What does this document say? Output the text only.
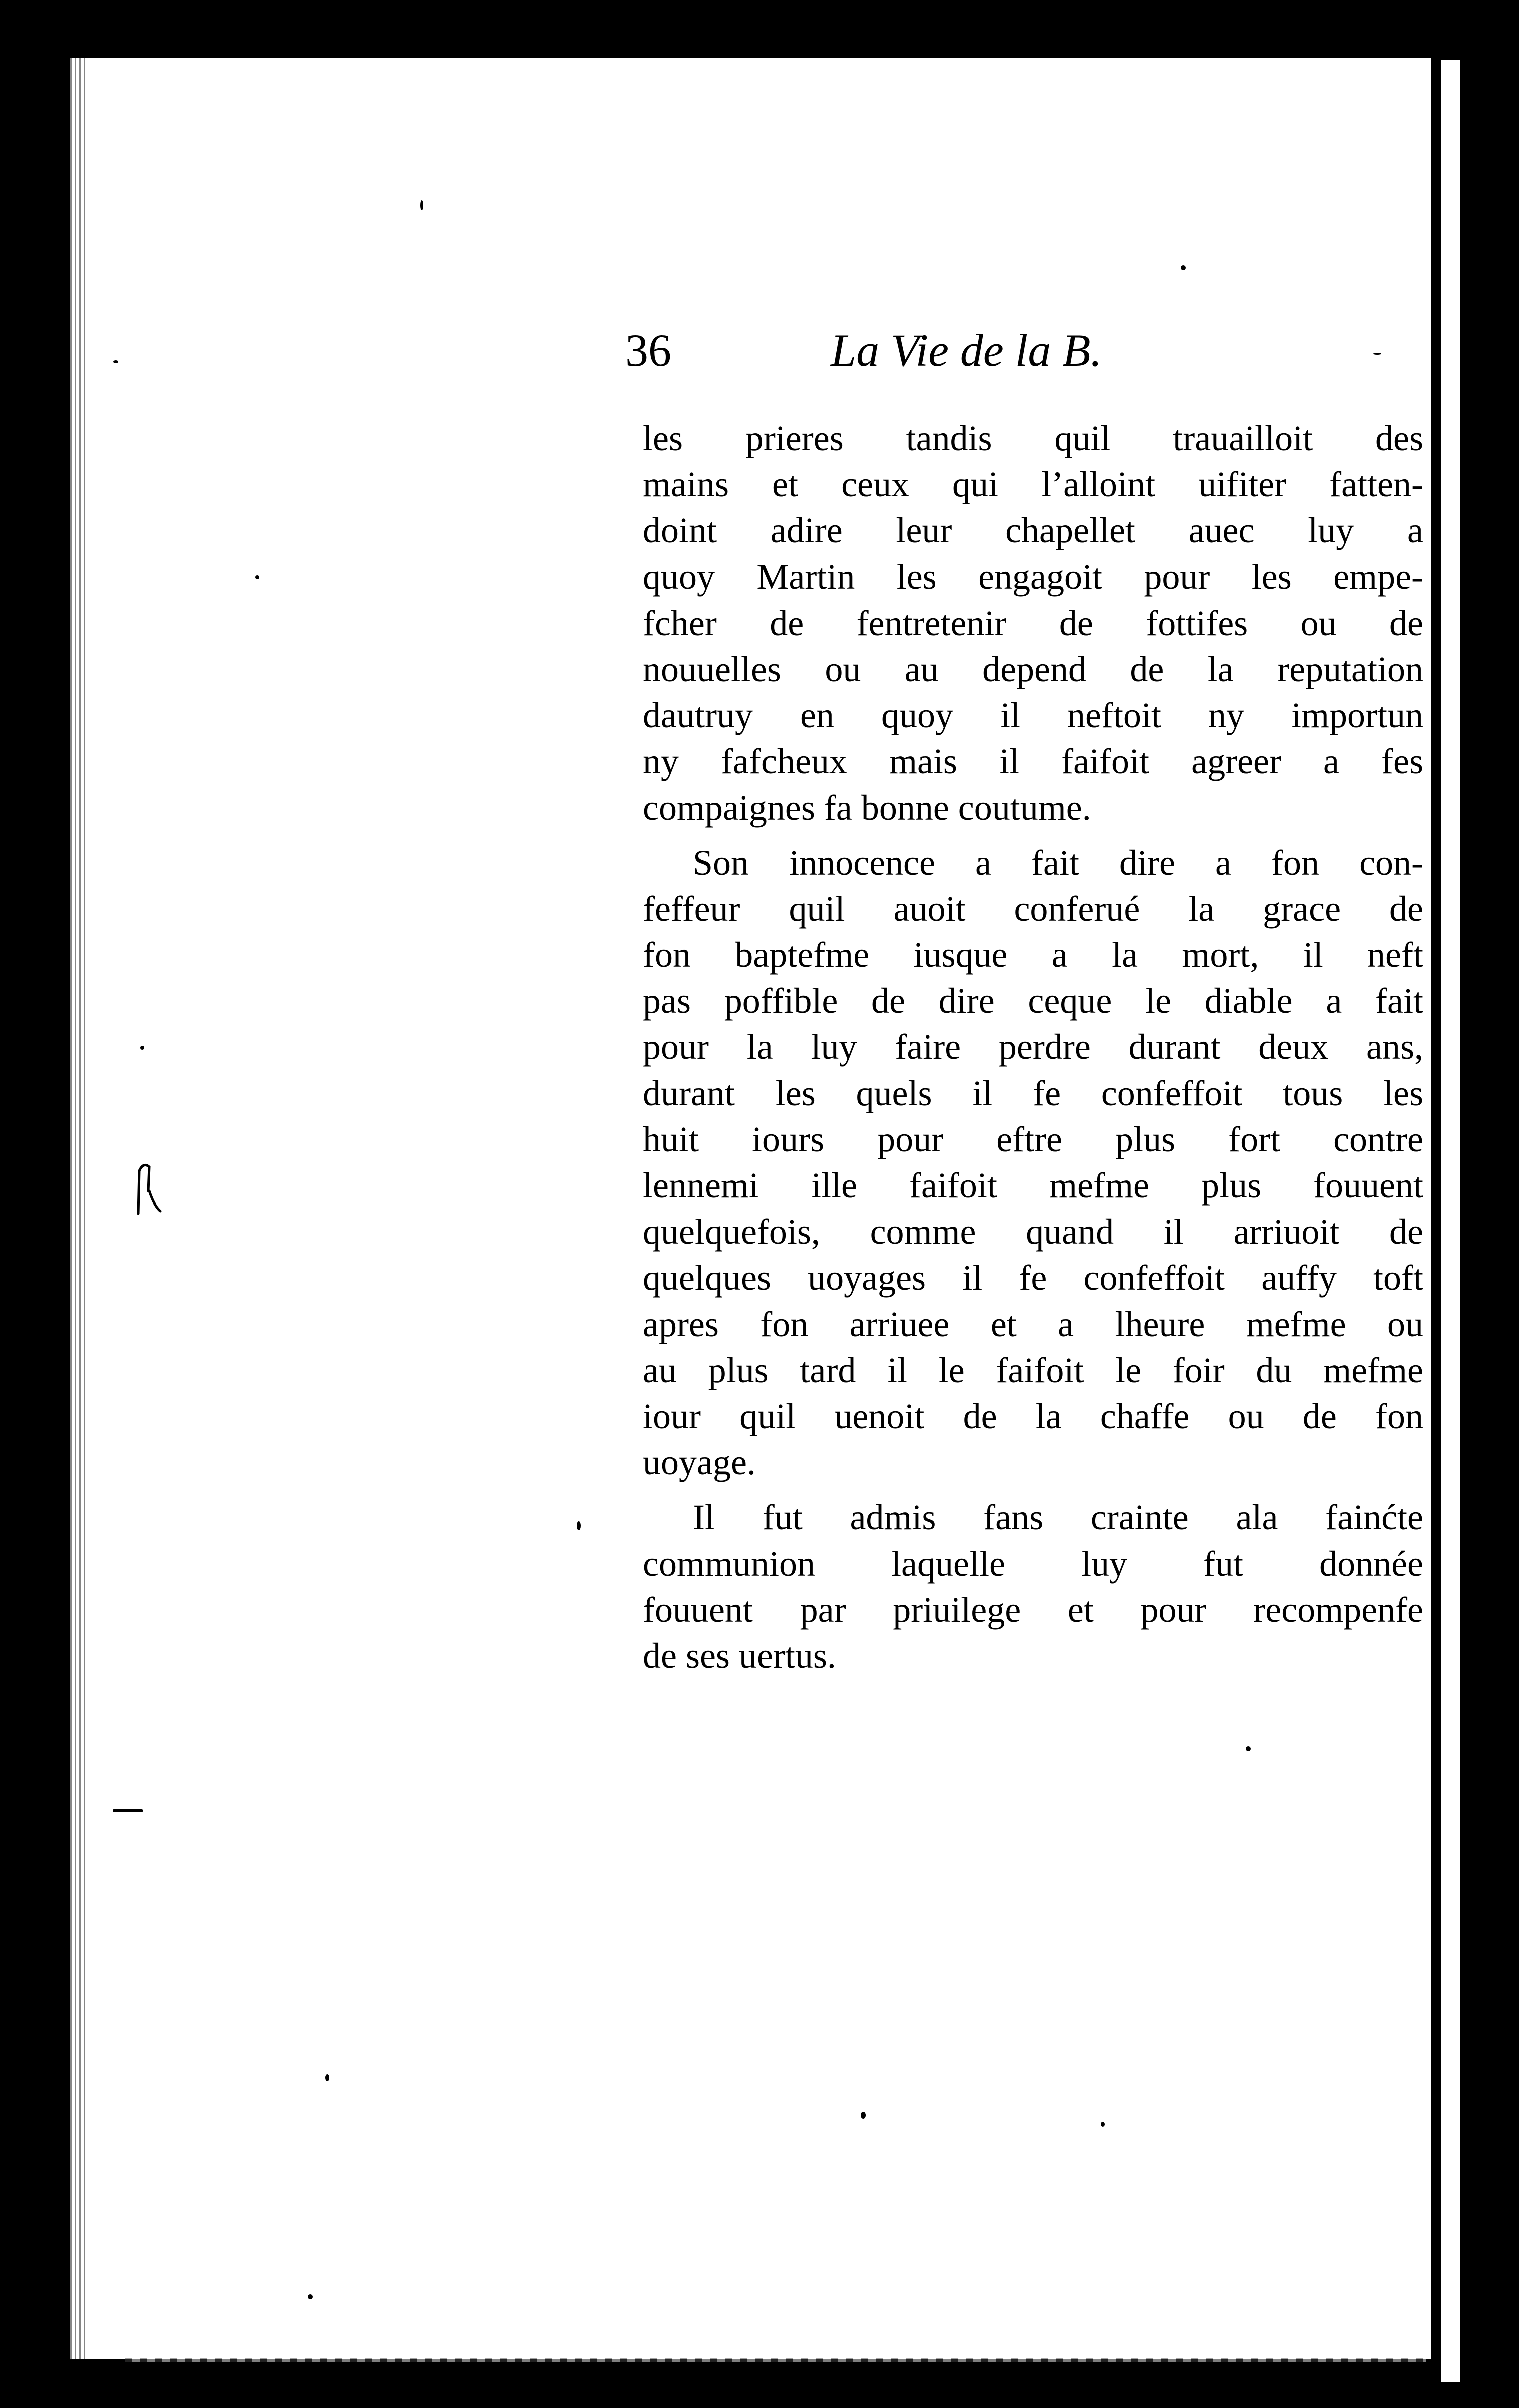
36	La Vie de la B.
les prieres tandis quil trauailloit des
mains et ceux qui l’alloint uifiter fatten-
doint adire leur chapellet auec luy a
quoy Martin les engagoit pour les empe-
fcher de fentretenir de fottifes ou de
nouuelles ou au depend de la reputation
dautruy en quoy il neftoit ny importun
ny fafcheux mais il faifoit agreer a fes
compaignes fa bonne coutume.
Son innocence a fait dire a fon con-
feffeur quil auoit conferué la grace de
fon baptefme iusque a la mort, il neft
pas poffible de dire ceque le diable a fait
pour la luy faire perdre durant deux ans,
durant les quels il fe confeffoit tous les
huit iours pour eftre plus fort contre
lennemi ille faifoit mefme plus fouuent
quelquefois, comme quand il arriuoit de
quelques uoyages il fe confeffoit auffy toft
apres fon arriuee et a lheure mefme ou
au plus tard il le faifoit le foir du mefme
iour quil uenoit de la chaffe ou de fon
uoyage.
Il fut admis fans crainte ala fainćte
communion laquelle luy fut donnée
fouuent par priuilege et pour recompenfe
de ses uertus.
